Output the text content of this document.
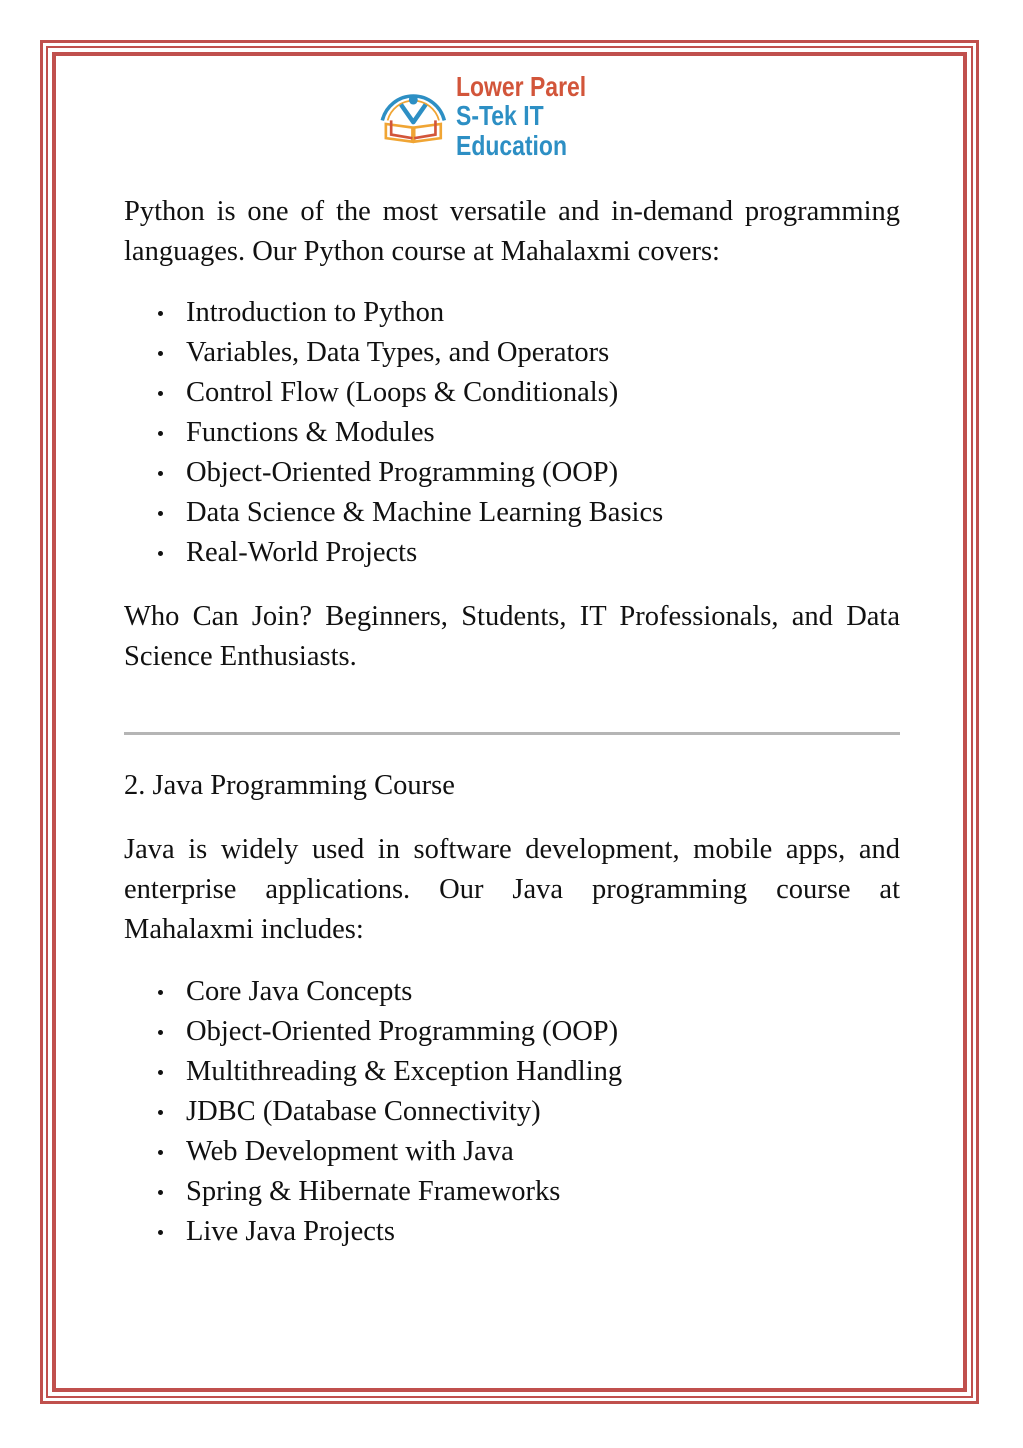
Lower Parel
S-Tek IT Education

Python is one of the most versatile and in-demand programming languages. Our Python course at Mahalaxmi covers:

Introduction to Python
Variables, Data Types, and Operators
Control Flow (Loops & Conditionals)
Functions & Modules
Object-Oriented Programming (OOP)
Data Science & Machine Learning Basics
Real-World Projects

Who Can Join? Beginners, Students, IT Professionals, and Data Science Enthusiasts.

2. Java Programming Course

Java is widely used in software development, mobile apps, and enterprise applications. Our Java programming course at Mahalaxmi includes:

Core Java Concepts
Object-Oriented Programming (OOP)
Multithreading & Exception Handling
JDBC (Database Connectivity)
Web Development with Java
Spring & Hibernate Frameworks
Live Java Projects
